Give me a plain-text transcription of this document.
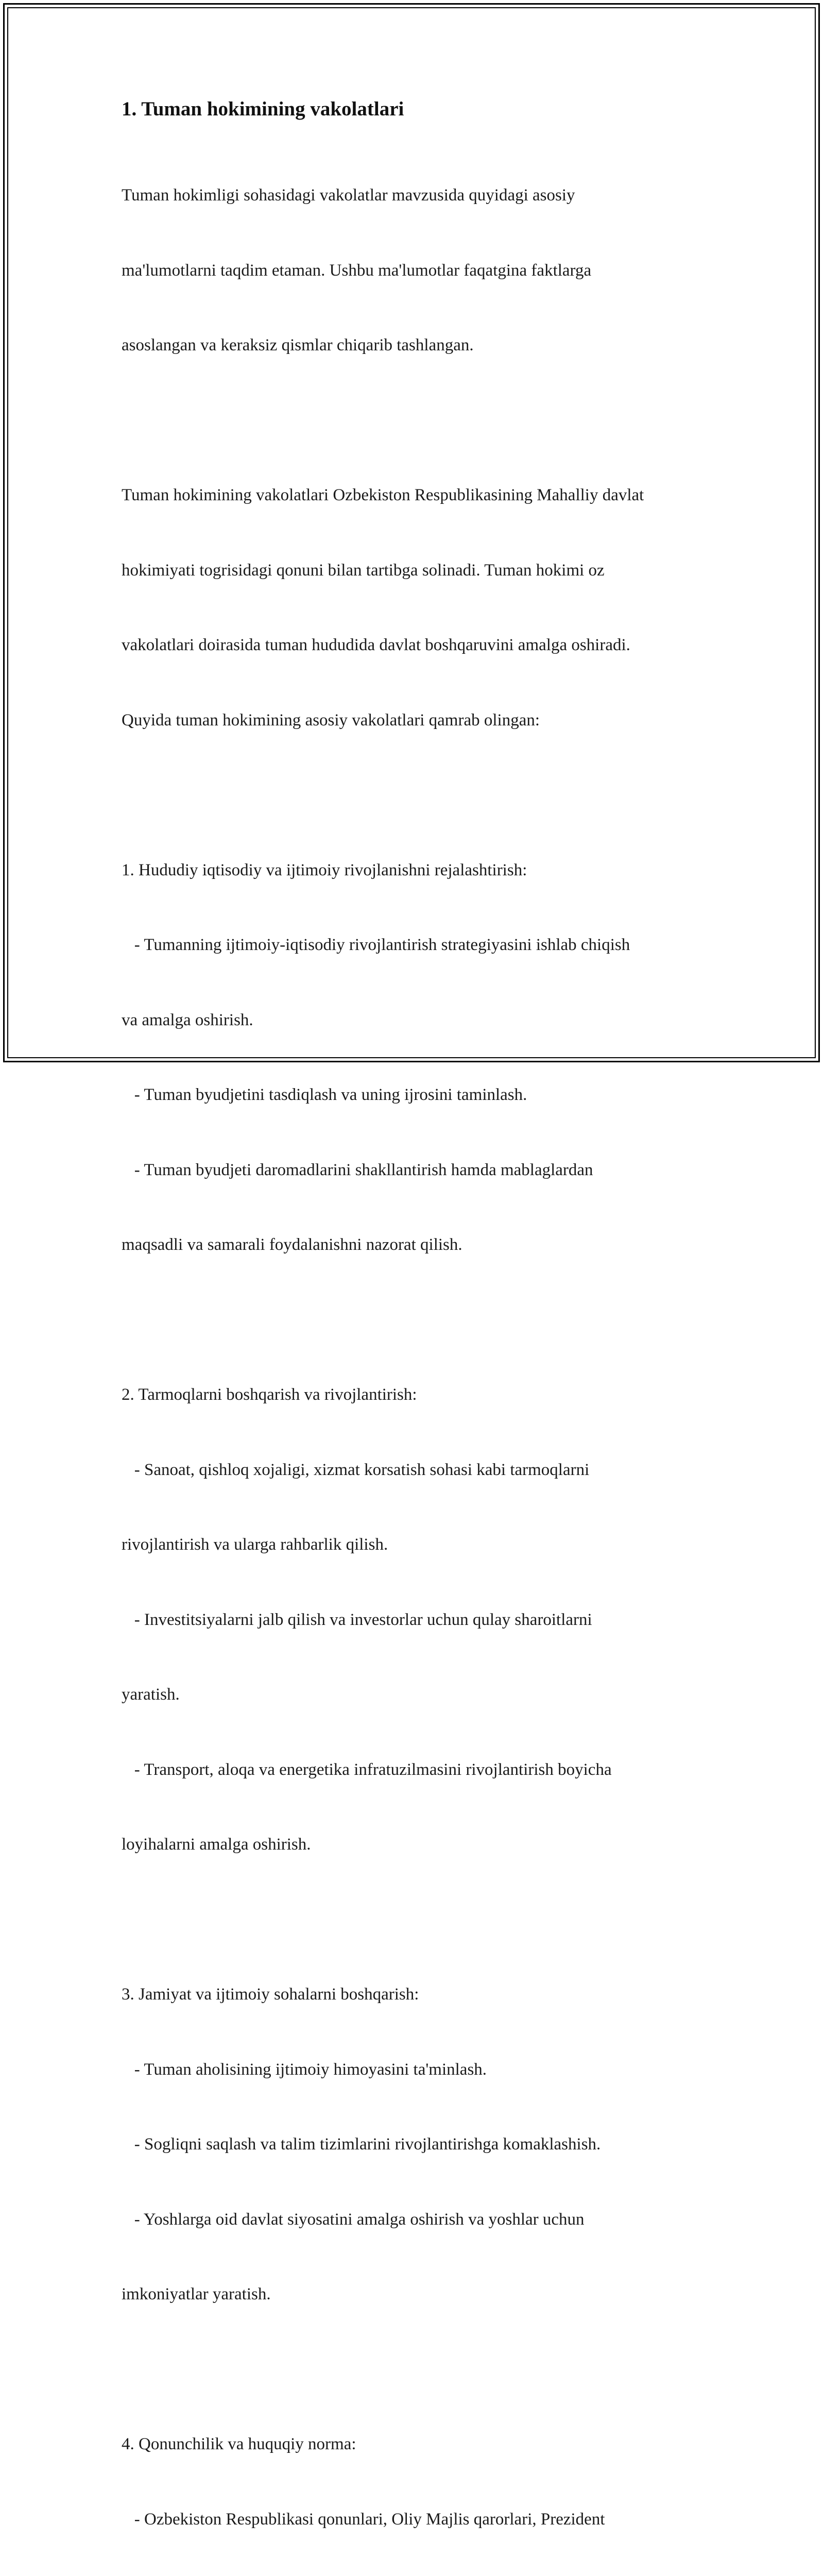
1. Tuman hokimining vakolatlari

Tuman hokimligi sohasidagi vakolatlar mavzusida quyidagi asosiy

ma'lumotlarni taqdim etaman. Ushbu ma'lumotlar faqatgina faktlarga

asoslangan va keraksiz qismlar chiqarib tashlangan.

Tuman hokimining vakolatlari Ozbekiston Respublikasining Mahalliy davlat

hokimiyati togrisidagi qonuni bilan tartibga solinadi. Tuman hokimi oz

vakolatlari doirasida tuman hududida davlat boshqaruvini amalga oshiradi.

Quyida tuman hokimining asosiy vakolatlari qamrab olingan:

1. Hududiy iqtisodiy va ijtimoiy rivojlanishni rejalashtirish:

- Tumanning ijtimoiy-iqtisodiy rivojlantirish strategiyasini ishlab chiqish

va amalga oshirish.

- Tuman byudjetini tasdiqlash va uning ijrosini taminlash.

- Tuman byudjeti daromadlarini shakllantirish hamda mablaglardan

maqsadli va samarali foydalanishni nazorat qilish.

2. Tarmoqlarni boshqarish va rivojlantirish:

- Sanoat, qishloq xojaligi, xizmat korsatish sohasi kabi tarmoqlarni

rivojlantirish va ularga rahbarlik qilish.

- Investitsiyalarni jalb qilish va investorlar uchun qulay sharoitlarni

yaratish.

- Transport, aloqa va energetika infratuzilmasini rivojlantirish boyicha

loyihalarni amalga oshirish.

3. Jamiyat va ijtimoiy sohalarni boshqarish:

- Tuman aholisining ijtimoiy himoyasini ta'minlash.

- Sogliqni saqlash va talim tizimlarini rivojlantirishga komaklashish.

- Yoshlarga oid davlat siyosatini amalga oshirish va yoshlar uchun

imkoniyatlar yaratish.

4. Qonunchilik va huquqiy norma:

- Ozbekiston Respublikasi qonunlari, Oliy Majlis qarorlari, Prezident
